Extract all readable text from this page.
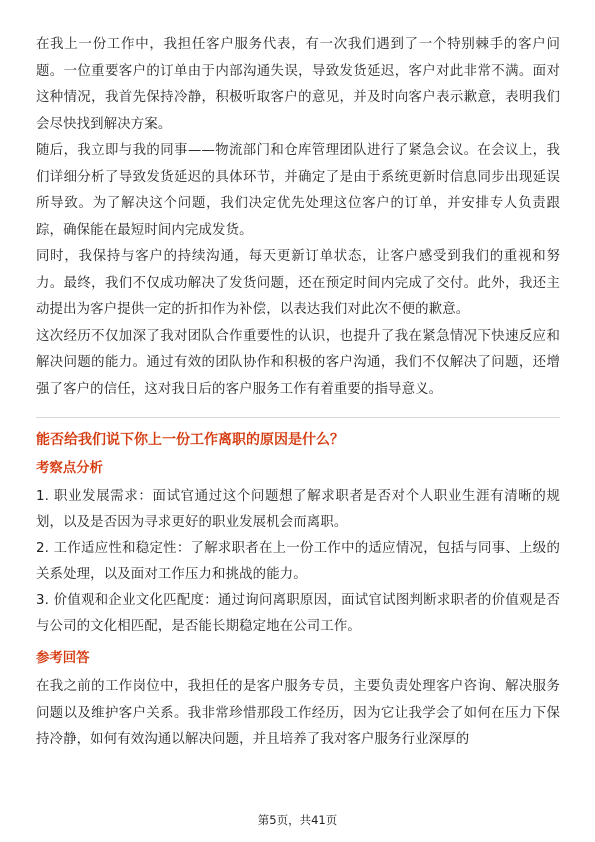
在我上一份工作中，我担任客户服务代表，有一次我们遇到了一个特别棘手的客户问题。一位重要客户的订单由于内部沟通失误，导致发货延迟，客户对此非常不满。面对这种情况，我首先保持冷静，积极听取客户的意见，并及时向客户表示歉意，表明我们会尽快找到解决方案。

随后，我立即与我的同事——物流部门和仓库管理团队进行了紧急会议。在会议上，我们详细分析了导致发货延迟的具体环节，并确定了是由于系统更新时信息同步出现延误所导致。为了解决这个问题，我们决定优先处理这位客户的订单，并安排专人负责跟踪，确保能在最短时间内完成发货。

同时，我保持与客户的持续沟通，每天更新订单状态，让客户感受到我们的重视和努力。最终，我们不仅成功解决了发货问题，还在预定时间内完成了交付。此外，我还主动提出为客户提供一定的折扣作为补偿，以表达我们对此次不便的歉意。

这次经历不仅加深了我对团队合作重要性的认识，也提升了我在紧急情况下快速反应和解决问题的能力。通过有效的团队协作和积极的客户沟通，我们不仅解决了问题，还增强了客户的信任，这对我日后的客户服务工作有着重要的指导意义。

能否给我们说下你上一份工作离职的原因是什么？

考察点分析

1. 职业发展需求：面试官通过这个问题想了解求职者是否对个人职业生涯有清晰的规划，以及是否因为寻求更好的职业发展机会而离职。

2. 工作适应性和稳定性：了解求职者在上一份工作中的适应情况，包括与同事、上级的关系处理，以及面对工作压力和挑战的能力。

3. 价值观和企业文化匹配度：通过询问离职原因，面试官试图判断求职者的价值观是否与公司的文化相匹配，是否能长期稳定地在公司工作。

参考回答

在我之前的工作岗位中，我担任的是客户服务专员，主要负责处理客户咨询、解决服务问题以及维护客户关系。我非常珍惜那段工作经历，因为它让我学会了如何在压力下保持冷静，如何有效沟通以解决问题，并且培养了我对客户服务行业深厚的

第5页，共41页
